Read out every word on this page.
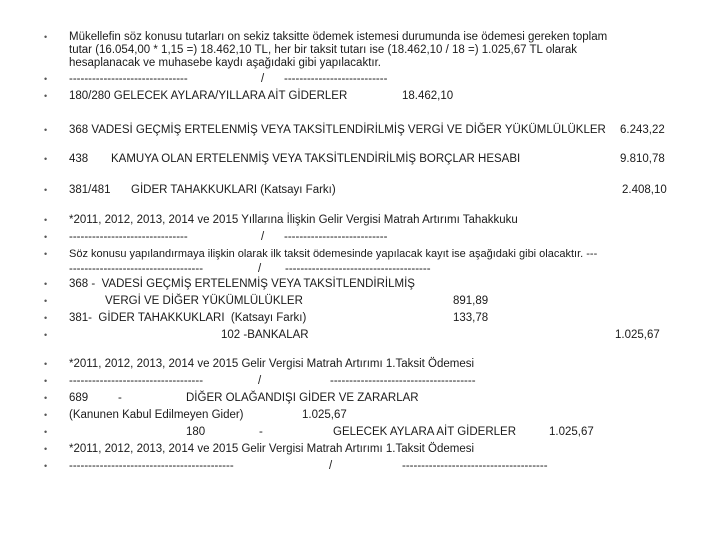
•
•
•
•
•
•
•
•
•
•
•
•
•
•
•
•
•
•
•
•
Mükellefin söz konusu tutarları on sekiz taksitte ödemek istemesi durumunda ise ödemesi gereken toplam
tutar (16.054,00 * 1,15 =) 18.462,10 TL, her bir taksit tutarı ise (18.462,10 / 18 =) 1.025,67 TL olarak
hesaplanacak ve muhasebe kaydı aşağıdaki gibi yapılacaktır.
-------------------------------	/ ---------------------------
180/280 GELECEK AYLARA/YILLARA AİT GİDERLER	18.462,10
368 VADESİ GEÇMİŞ ERTELENMİŞ VEYA TAKSİTLENDİRİLMİŞ VERGİ VE DİĞER YÜKÜMLÜLÜKLER 6.243,22
438 KAMUYA OLAN ERTELENMİŞ VEYA TAKSİTLENDİRİLMİŞ BORÇLAR HESABI	9.810,78
381/481 GİDER TAHAKKUKLARI (Katsayı Farkı)	2.408,10
*2011, 2012, 2013, 2014 ve 2015 Yıllarına İlişkin Gelir Vergisi Matrah Artırımı Tahakkuku
-------------------------------	/ ---------------------------
Söz konusu yapılandırmaya ilişkin olarak ilk taksit ödemesinde yapılacak kayıt ise aşağıdaki gibi olacaktır. ---
-----------------------------------	/ --------------------------------------
368 -  VADESİ GEÇMİŞ ERTELENMİŞ VEYA TAKSİTLENDİRİLMİŞ
VERGİ VE DİĞER YÜKÜMLÜLÜKLER	891,89
381-  GİDER TAHAKKUKLARI  (Katsayı Farkı)	133,78
102 -BANKALAR	1.025,67
*2011, 2012, 2013, 2014 ve 2015 Gelir Vergisi Matrah Artırımı 1.Taksit Ödemesi
-----------------------------------	/	--------------------------------------
689	-	DİĞER OLAĞANDIŞI GİDER VE ZARARLAR
(Kanunen Kabul Edilmeyen Gider)	1.025,67
180	-	GELECEK AYLARA AİT GİDERLER	1.025,67
*2011, 2012, 2013, 2014 ve 2015 Gelir Vergisi Matrah Artırımı 1.Taksit Ödemesi
-------------------------------------------	/	--------------------------------------
